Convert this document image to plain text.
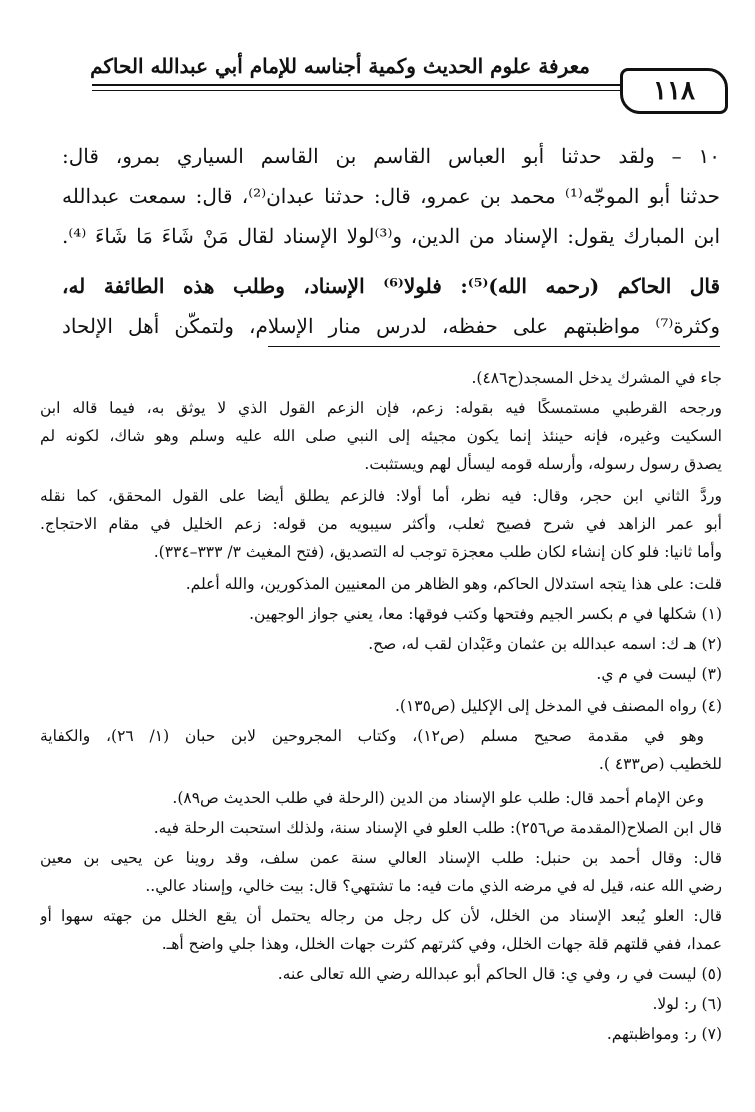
معرفة علوم الحديث وكمية أجناسه للإمام أبي عبدالله الحاكم
١١٨
١٠ – ولقد حدثنا أبو العباس القاسم بن القاسم السياري بمرو، قال:
حدثنا أبو الموجّه⁽¹⁾ محمد بن عمرو، قال: حدثنا عبدان⁽²⁾، قال: سمعت عبدالله
ابن المبارك يقول: الإسناد من الدين، و⁽³⁾لولا الإسناد لقال مَنْ شَاءَ مَا شَاءَ ⁽⁴⁾.
قال الحاكم (رحمه الله)⁽⁵⁾: فلولا⁽⁶⁾ الإسناد، وطلب هذه الطائفة له،
وكثرة⁽⁷⁾ مواظبتهم على حفظه، لدرس منار الإسلام، ولتمكّن أهل الإلحاد
جاء في المشرك يدخل المسجد(ح٤٨٦).
ورجحه القرطبي مستمسكًا فيه بقوله: زعم، فإن الزعم القول الذي لا يوثق به، فيما قاله ابن
السكيت وغيره، فإنه حينئذ إنما يكون مجيئه إلى النبي صلى الله عليه وسلم وهو شاك، لكونه لم
يصدق رسول رسوله، وأرسله قومه ليسأل لهم ويستثبت.
وردَّ الثاني ابن حجر، وقال: فيه نظر، أما أولا: فالزعم يطلق أيضا على القول المحقق، كما نقله
أبو عمر الزاهد في شرح فصيح ثعلب، وأكثر سيبويه من قوله: زعم الخليل في مقام الاحتجاج.
وأما ثانيا: فلو كان إنشاء لكان طلب معجزة توجب له التصديق، (فتح المغيث ٣/ ٣٣٣–٣٣٤).
قلت: على هذا يتجه استدلال الحاكم، وهو الظاهر من المعنيين المذكورين، والله أعلم.
(١) شكلها في م بكسر الجيم وفتحها وكتب فوقها: معا، يعني جواز الوجهين.
(٢) هـ ك: اسمه عبدالله بن عثمان وعَبْدان لقب له، صح.
(٣) ليست في م ي.
(٤) رواه المصنف في المدخل إلى الإكليل (ص١٣٥).
وهو في مقدمة صحيح مسلم (ص١٢)، وكتاب المجروحين لابن حبان (١/ ٢٦)، والكفاية
للخطيب (ص٤٣٣ ).
وعن الإمام أحمد قال: طلب علو الإسناد من الدين (الرحلة في طلب الحديث ص٨٩).
قال ابن الصلاح(المقدمة ص٢٥٦): طلب العلو في الإسناد سنة، ولذلك استحبت الرحلة فيه.
قال: وقال أحمد بن حنبل: طلب الإسناد العالي سنة عمن سلف، وقد روينا عن يحيى بن معين
رضي الله عنه، قيل له في مرضه الذي مات فيه: ما تشتهي؟ قال: بيت خالي، وإسناد عالي..
قال: العلو يُبعد الإسناد من الخلل، لأن كل رجل من رجاله يحتمل أن يقع الخلل من جهته سهوا أو
عمدا، ففي قلتهم قلة جهات الخلل، وفي كثرتهم كثرت جهات الخلل، وهذا جلي واضح أهـ.
(٥) ليست في ر، وفي ي: قال الحاكم أبو عبدالله رضي الله تعالى عنه.
(٦) ر: لولا.
(٧) ر: ومواظبتهم.
